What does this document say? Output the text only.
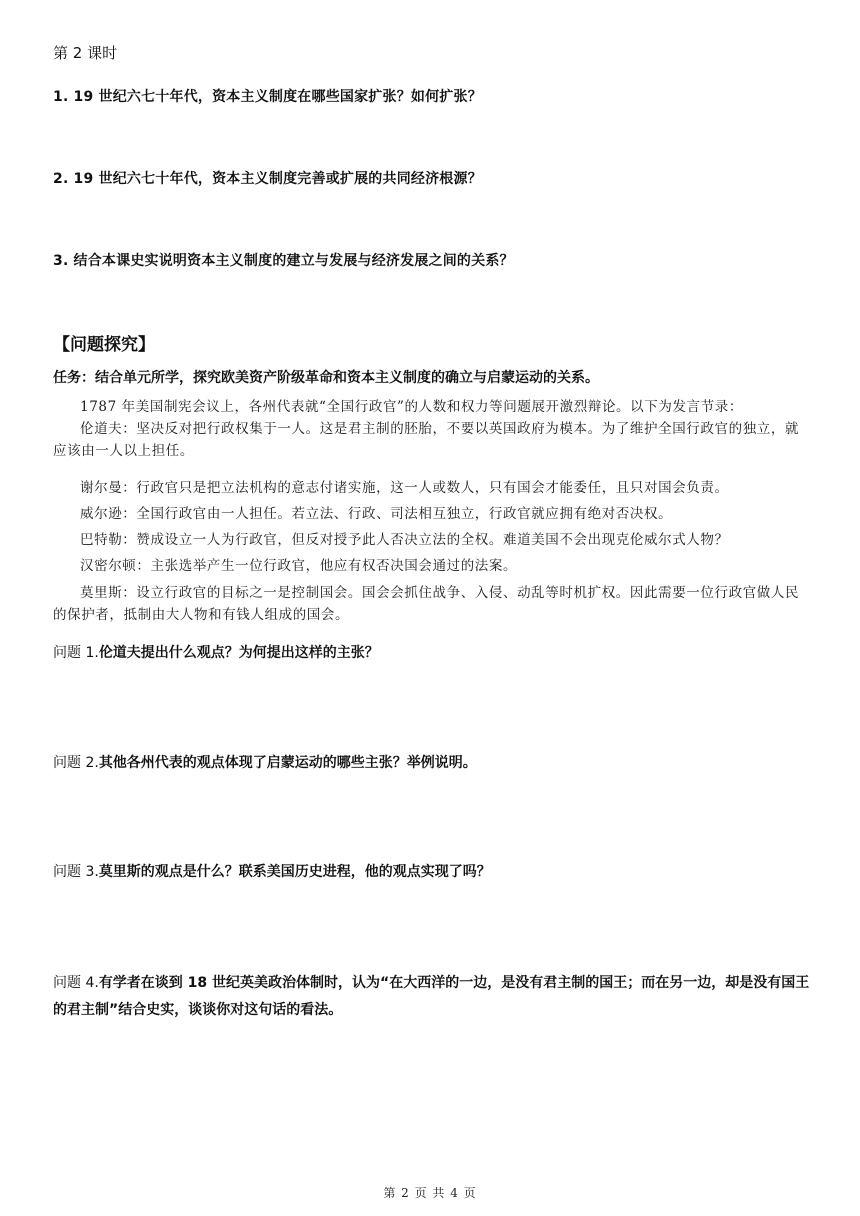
第 2 课时
1. 19 世纪六七十年代，资本主义制度在哪些国家扩张？如何扩张？
2. 19 世纪六七十年代，资本主义制度完善或扩展的共同经济根源？
3. 结合本课史实说明资本主义制度的建立与发展与经济发展之间的关系？
【问题探究】
任务：结合单元所学，探究欧美资产阶级革命和资本主义制度的确立与启蒙运动的关系。
1787 年美国制宪会议上，各州代表就“全国行政官”的人数和权力等问题展开激烈辩论。以下为发言节录：
伦道夫：坚决反对把行政权集于一人。这是君主制的胚胎，不要以英国政府为模本。为了维护全国行政官的独立，就应该由一人以上担任。
谢尔曼：行政官只是把立法机构的意志付诸实施，这一人或数人，只有国会才能委任，且只对国会负责。
威尔逊：全国行政官由一人担任。若立法、行政、司法相互独立，行政官就应拥有绝对否决权。
巴特勒：赞成设立一人为行政官，但反对授予此人否决立法的全权。难道美国不会出现克伦威尔式人物？
汉密尔顿：主张选举产生一位行政官，他应有权否决国会通过的法案。
莫里斯：设立行政官的目标之一是控制国会。国会会抓住战争、入侵、动乱等时机扩权。因此需要一位行政官做人民的保护者，抵制由大人物和有钱人组成的国会。
问题 1.伦道夫提出什么观点？为何提出这样的主张？
问题 2.其他各州代表的观点体现了启蒙运动的哪些主张？举例说明。
问题 3.莫里斯的观点是什么？联系美国历史进程，他的观点实现了吗？
问题 4.有学者在谈到 18 世纪英美政治体制时，认为“在大西洋的一边，是没有君主制的国王；而在另一边，却是没有国王的君主制”结合史实，谈谈你对这句话的看法。
第 2 页 共 4 页
